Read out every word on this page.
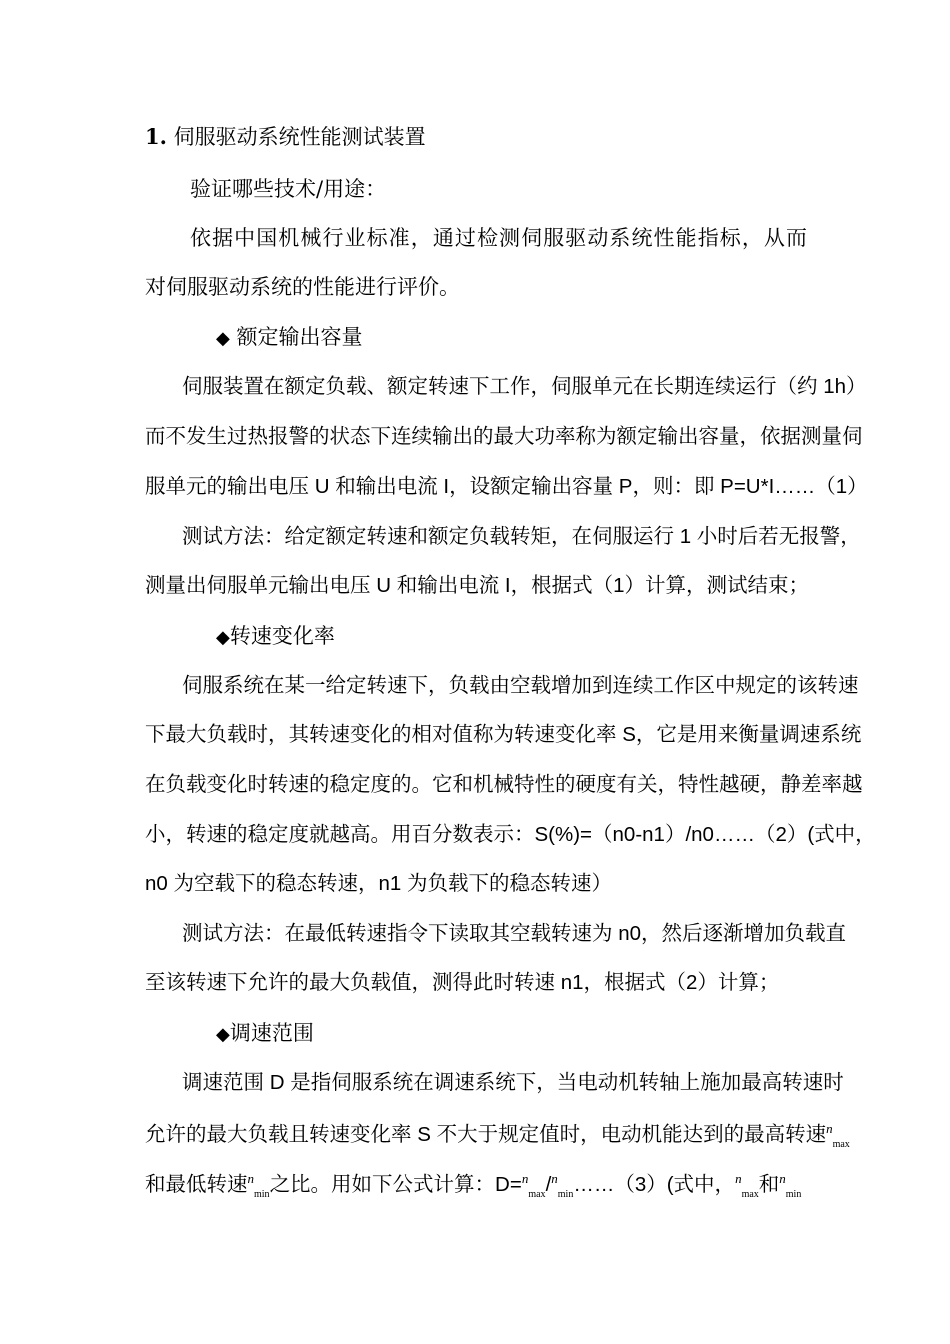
1. 伺服驱动系统性能测试装置
验证哪些技术/用途：
依据中国机械行业标准，通过检测伺服驱动系统性能指标，从而
对伺服驱动系统的性能进行评价。
◆ 额定输出容量
伺服装置在额定负载、额定转速下工作，伺服单元在长期连续运行（约 1h）
而不发生过热报警的状态下连续输出的最大功率称为额定输出容量，依据测量伺
服单元的输出电压 U 和输出电流 I，设额定输出容量 P，则：即 P=U*I……（1）
测试方法：给定额定转速和额定负载转矩，在伺服运行 1 小时后若无报警，
测量出伺服单元输出电压 U 和输出电流 I，根据式（1）计算，测试结束；
◆转速变化率
伺服系统在某一给定转速下，负载由空载增加到连续工作区中规定的该转速
下最大负载时，其转速变化的相对值称为转速变化率 S，它是用来衡量调速系统
在负载变化时转速的稳定度的。它和机械特性的硬度有关，特性越硬，静差率越
小，转速的稳定度就越高。用百分数表示：S(%)=（n0-n1）/n0……（2）(式中，
n0 为空载下的稳态转速，n1 为负载下的稳态转速）
测试方法：在最低转速指令下读取其空载转速为 n0，然后逐渐增加负载直
至该转速下允许的最大负载值，测得此时转速 n1，根据式（2）计算；
◆调速范围
调速范围 D 是指伺服系统在调速系统下，当电动机转轴上施加最高转速时
允许的最大负载且转速变化率 S 不大于规定值时，电动机能达到的最高转速$^n_{max}$
和最低转速$^n_{min}$之比。用如下公式计算：D=$^n_{max}$/$^n_{min}$……（3）(式中，$^n_{max}$和$^n_{min}$
